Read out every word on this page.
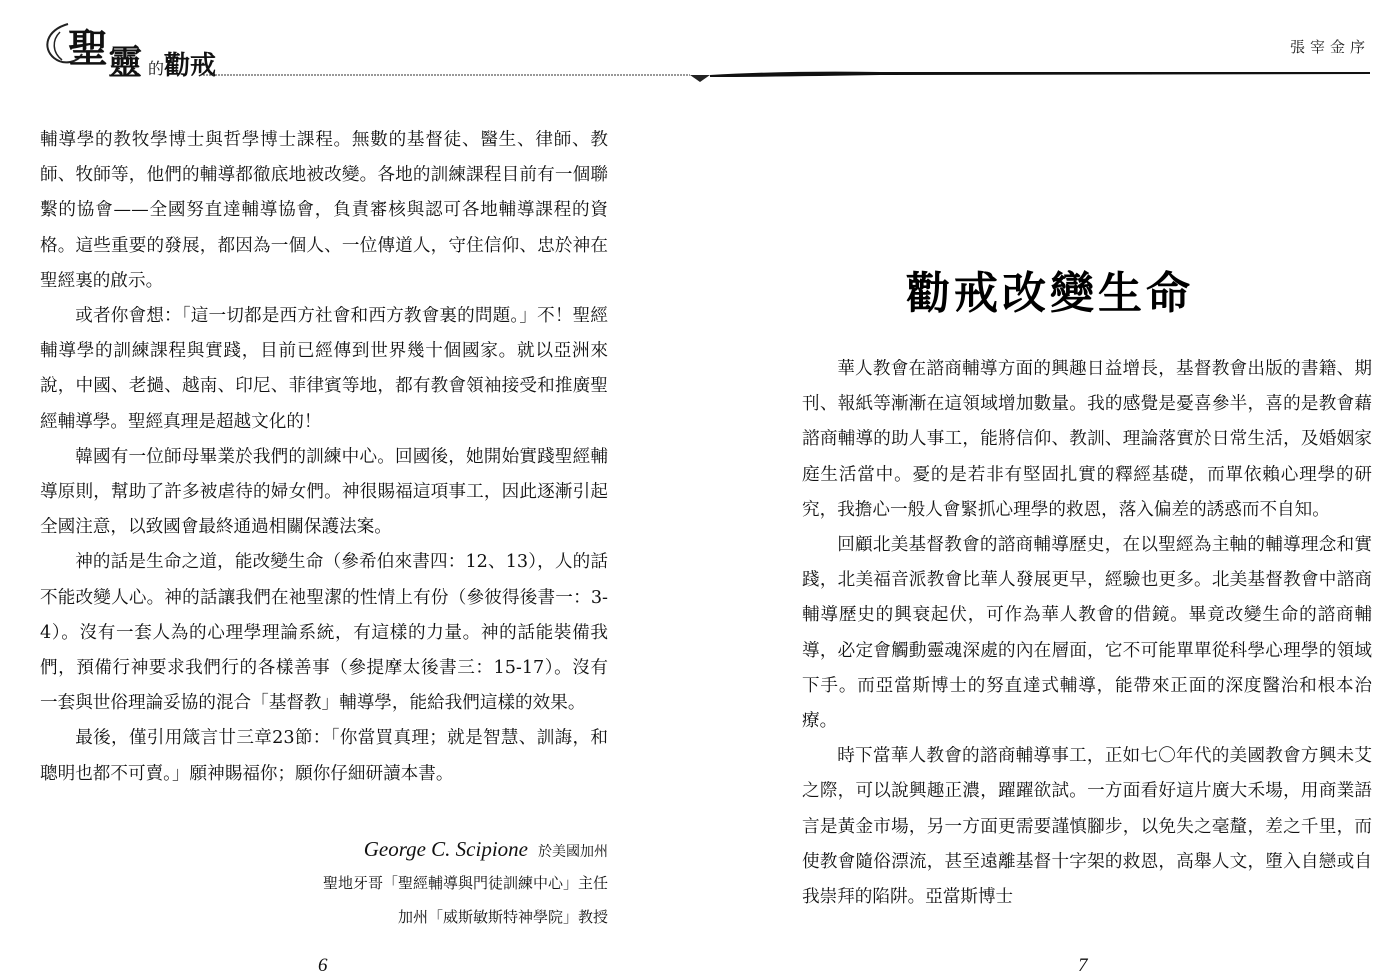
聖 靈 的 勸戒
張宰金序

輔導學的教牧學博士與哲學博士課程。無數的基督徒、醫生、律師、教師、牧師等，他們的輔導都徹底地被改變。各地的訓練課程目前有一個聯繫的協會——全國努直達輔導協會，負責審核與認可各地輔導課程的資格。這些重要的發展，都因為一個人、一位傳道人，守住信仰、忠於神在聖經裏的啟示。

或者你會想：「這一切都是西方社會和西方教會裏的問題。」不！聖經輔導學的訓練課程與實踐，目前已經傳到世界幾十個國家。就以亞洲來說，中國、老撾、越南、印尼、菲律賓等地，都有教會領袖接受和推廣聖經輔導學。聖經真理是超越文化的！

韓國有一位師母畢業於我們的訓練中心。回國後，她開始實踐聖經輔導原則，幫助了許多被虐待的婦女們。神很賜福這項事工，因此逐漸引起全國注意，以致國會最終通過相關保護法案。

神的話是生命之道，能改變生命（參希伯來書四：12、13），人的話不能改變人心。神的話讓我們在祂聖潔的性情上有份（參彼得後書一：3-4）。沒有一套人為的心理學理論系統，有這樣的力量。神的話能裝備我們，預備行神要求我們行的各樣善事（參提摩太後書三：15-17）。沒有一套與世俗理論妥協的混合「基督教」輔導學，能給我們這樣的效果。

最後，僅引用箴言廿三章23節：「你當買真理；就是智慧、訓誨，和聰明也都不可賣。」願神賜福你；願你仔細研讀本書。

George C. Scipione 於美國加州

聖地牙哥「聖經輔導與門徒訓練中心」主任

加州「威斯敏斯特神學院」教授

6
勸戒改變生命

華人教會在諮商輔導方面的興趣日益增長，基督教會出版的書籍、期刊、報紙等漸漸在這領域增加數量。我的感覺是憂喜參半，喜的是教會藉諮商輔導的助人事工，能將信仰、教訓、理論落實於日常生活，及婚姻家庭生活當中。憂的是若非有堅固扎實的釋經基礎，而單依賴心理學的研究，我擔心一般人會緊抓心理學的救恩，落入偏差的誘惑而不自知。

回顧北美基督教會的諮商輔導歷史，在以聖經為主軸的輔導理念和實踐，北美福音派教會比華人發展更早，經驗也更多。北美基督教會中諮商輔導歷史的興衰起伏，可作為華人教會的借鏡。畢竟改變生命的諮商輔導，必定會觸動靈魂深處的內在層面，它不可能單單從科學心理學的領域下手。而亞當斯博士的努直達式輔導，能帶來正面的深度醫治和根本治療。

時下當華人教會的諮商輔導事工，正如七〇年代的美國教會方興未艾之際，可以說興趣正濃，躍躍欲試。一方面看好這片廣大禾場，用商業語言是黃金市場，另一方面更需要謹慎腳步，以免失之毫釐，差之千里，而使教會隨俗漂流，甚至遠離基督十字架的救恩，高舉人文，墮入自戀或自我崇拜的陷阱。亞當斯博士

7
